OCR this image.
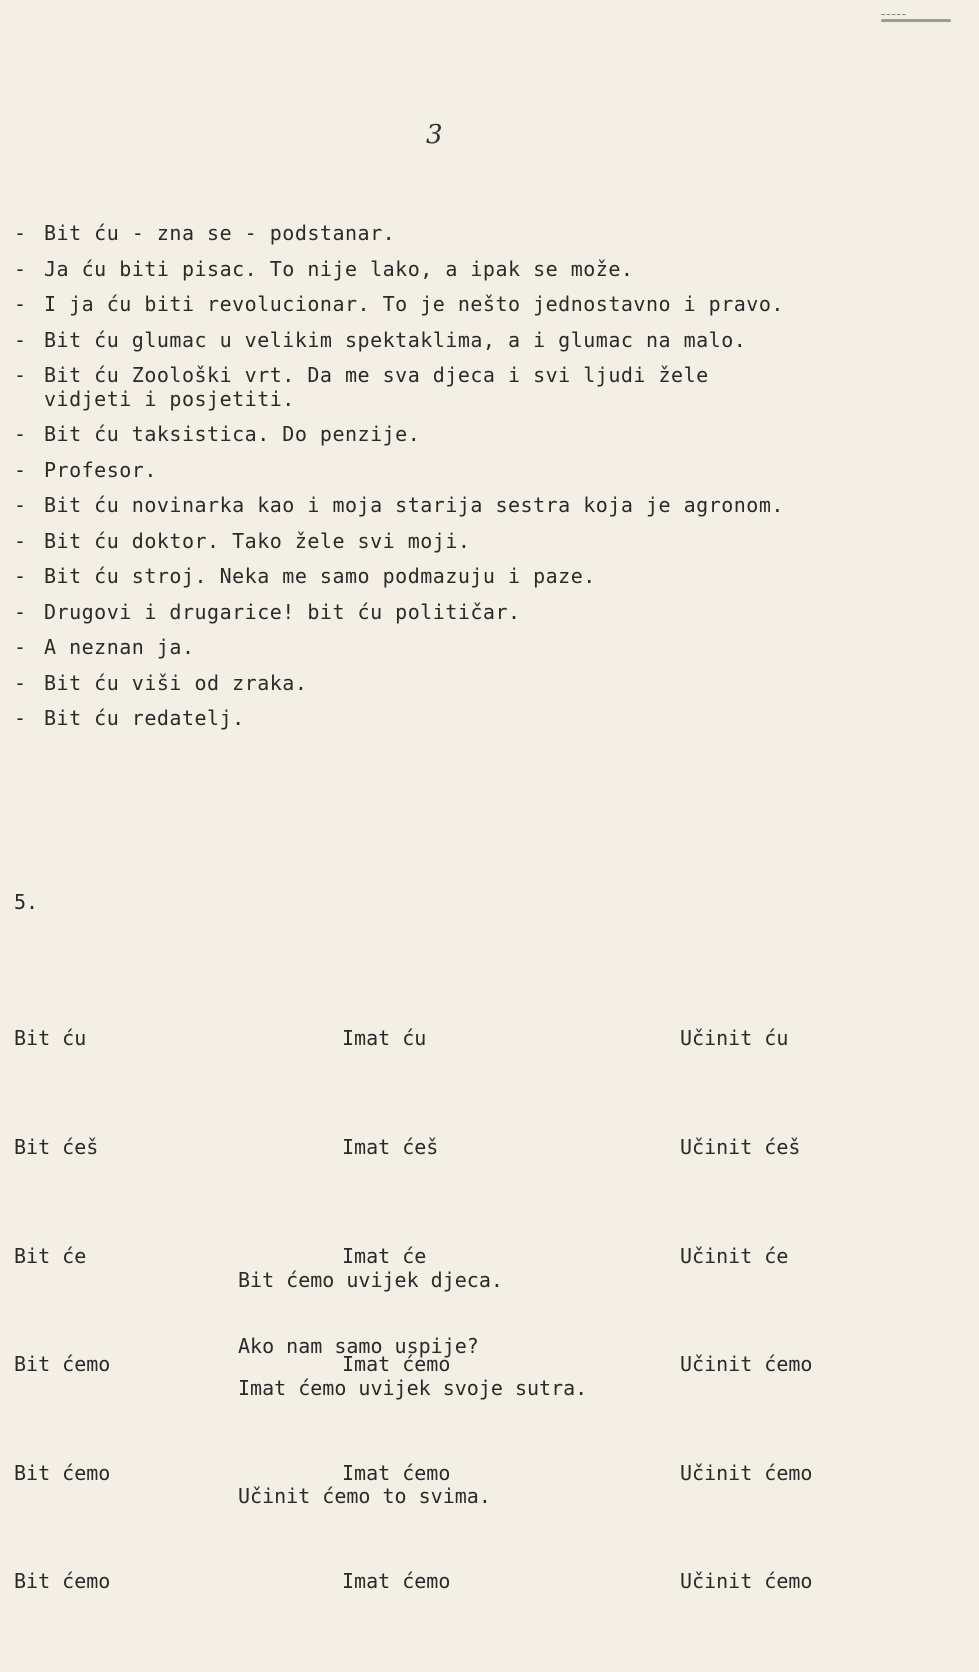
~~~~~
3
- Bit ću - zna se - podstanar.
- Ja ću biti pisac. To nije lako, a ipak se može.
- I ja ću biti revolucionar. To je nešto jednostavno i pravo.
- Bit ću glumac u velikim spektaklima, a i glumac na malo.
- Bit ću Zoološki vrt. Da me sva djeca i svi ljudi žele
vidjeti i posjetiti.
- Bit ću taksistica. Do penzije.
- Profesor.
- Bit ću novinarka kao i moja starija sestra koja je agronom.
- Bit ću doktor. Tako žele svi moji.
- Bit ću stroj. Neka me samo podmazuju i paze.
- Drugovi i drugarice! bit ću političar.
- A neznan ja.
- Bit ću viši od zraka.
- Bit ću redatelj.
5.

Bit ću

Bit ćeš

Bit će

Bit ćemo

Bit ćemo

Bit ćemo

Imat ću

Imat ćeš

Imat će

Imat ćemo

Imat ćemo

Imat ćemo

Učinit ću

Učinit ćeš

Učinit će

Učinit ćemo

Učinit ćemo

Učinit ćemo

Bit ćemo uvijek djeca.

Imat ćemo uvijek svoje sutra.

Učinit ćemo to svima.

Ako nam samo uspije?
